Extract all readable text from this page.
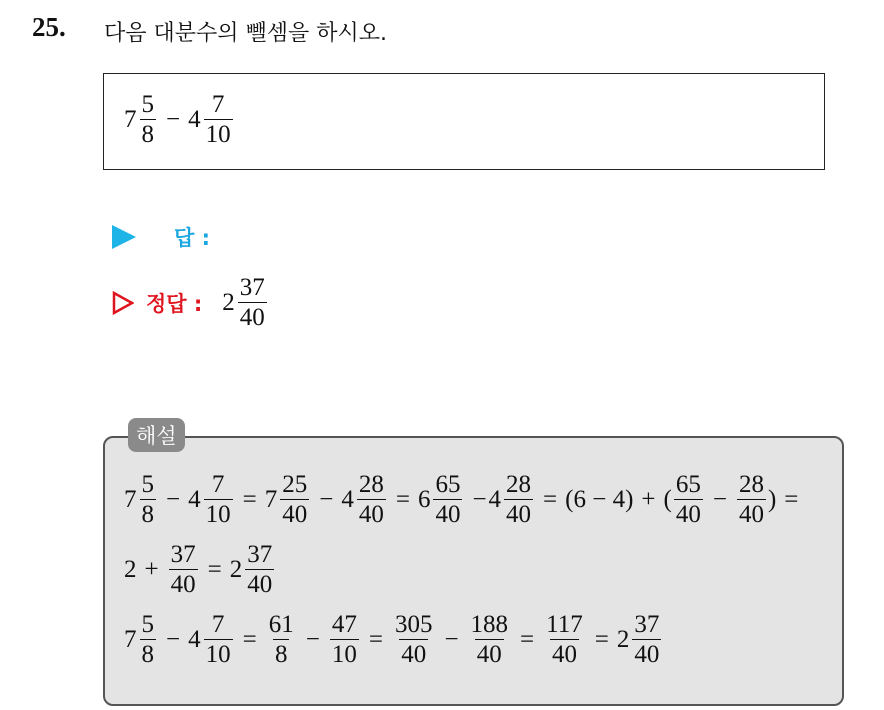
25. 다음 대분수의 뺄셈을 하시오.
$7 \frac{5}{8} - 4 \frac{7}{10}$
답 :
정답 : $2 \frac{37}{40}$
해설
$7 \frac{5}{8} - 4 \frac{7}{10} = 7 \frac{25}{40} - 4 \frac{28}{40} = 6 \frac{65}{40} - 4 \frac{28}{40} = (6 - 4)$ + ( $\frac{65}{40} - \frac{28}{40}$ ) =
$2 + \frac{37}{40} = 2 \frac{37}{40}$
$7 \frac{5}{8} - 4 \frac{7}{10} = \frac{61}{8} - \frac{47}{10} = \frac{305}{40} - \frac{188}{40} = \frac{117}{40} = 2 \frac{37}{40}$
